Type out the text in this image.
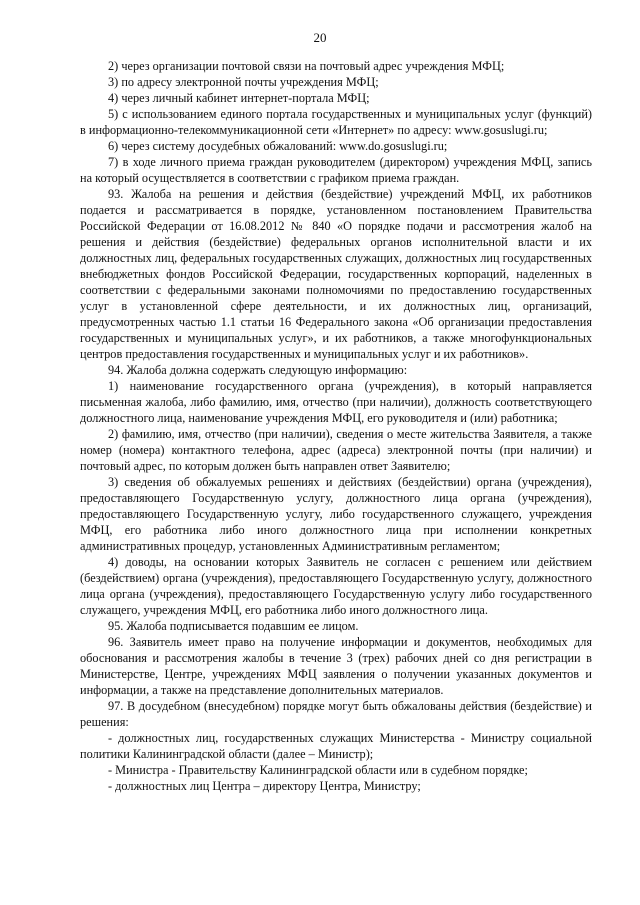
20

2) через организации почтовой связи на почтовый адрес учреждения МФЦ;

3) по адресу электронной почты учреждения МФЦ;

4) через личный кабинет интернет-портала МФЦ;

5) с использованием единого портала государственных и муниципальных услуг (функций) в информационно-телекоммуникационной сети «Интернет» по адресу: www.gosuslugi.ru;

6) через систему досудебных обжалований: www.do.gosuslugi.ru;

7) в ходе личного приема граждан руководителем (директором) учреждения МФЦ, запись на который осуществляется в соответствии с графиком приема граждан.

93. Жалоба на решения и действия (бездействие) учреждений МФЦ, их работников подается и рассматривается в порядке, установленном постановлением Правительства Российской Федерации от 16.08.2012 № 840 «О порядке подачи и рассмотрения жалоб на решения и действия (бездействие) федеральных органов исполнительной власти и их должностных лиц, федеральных государственных служащих, должностных лиц государственных внебюджетных фондов Российской Федерации, государственных корпораций, наделенных в соответствии с федеральными законами полномочиями по предоставлению государственных услуг в установленной сфере деятельности, и их должностных лиц, организаций, предусмотренных частью 1.1 статьи 16 Федерального закона «Об организации предоставления государственных и муниципальных услуг», и их работников, а также многофункциональных центров предоставления государственных и муниципальных услуг и их работников».

94. Жалоба должна содержать следующую информацию:

1) наименование государственного органа (учреждения), в который направляется письменная жалоба, либо фамилию, имя, отчество (при наличии), должность соответствующего должностного лица, наименование учреждения МФЦ, его руководителя и (или) работника;

2) фамилию, имя, отчество (при наличии), сведения о месте жительства Заявителя, а также номер (номера) контактного телефона, адрес (адреса) электронной почты (при наличии) и почтовый адрес, по которым должен быть направлен ответ Заявителю;

3) сведения об обжалуемых решениях и действиях (бездействии) органа (учреждения), предоставляющего Государственную услугу, должностного лица органа (учреждения), предоставляющего Государственную услугу, либо государственного служащего, учреждения МФЦ, его работника либо иного должностного лица при исполнении конкретных административных процедур, установленных Административным регламентом;

4) доводы, на основании которых Заявитель не согласен с решением или действием (бездействием) органа (учреждения), предоставляющего Государственную услугу, должностного лица органа (учреждения), предоставляющего Государственную услугу либо государственного служащего, учреждения МФЦ, его работника либо иного должностного лица.

95. Жалоба подписывается подавшим ее лицом.

96. Заявитель имеет право на получение информации и документов, необходимых для обоснования и рассмотрения жалобы в течение 3 (трех) рабочих дней со дня регистрации в Министерстве, Центре, учреждениях МФЦ заявления о получении указанных документов и информации, а также на представление дополнительных материалов.

97. В досудебном (внесудебном) порядке могут быть обжалованы действия (бездействие) и решения:

- должностных лиц, государственных служащих Министерства - Министру социальной политики Калининградской области (далее – Министр);

- Министра - Правительству Калининградской области или в судебном порядке;

- должностных лиц Центра – директору Центра, Министру;
